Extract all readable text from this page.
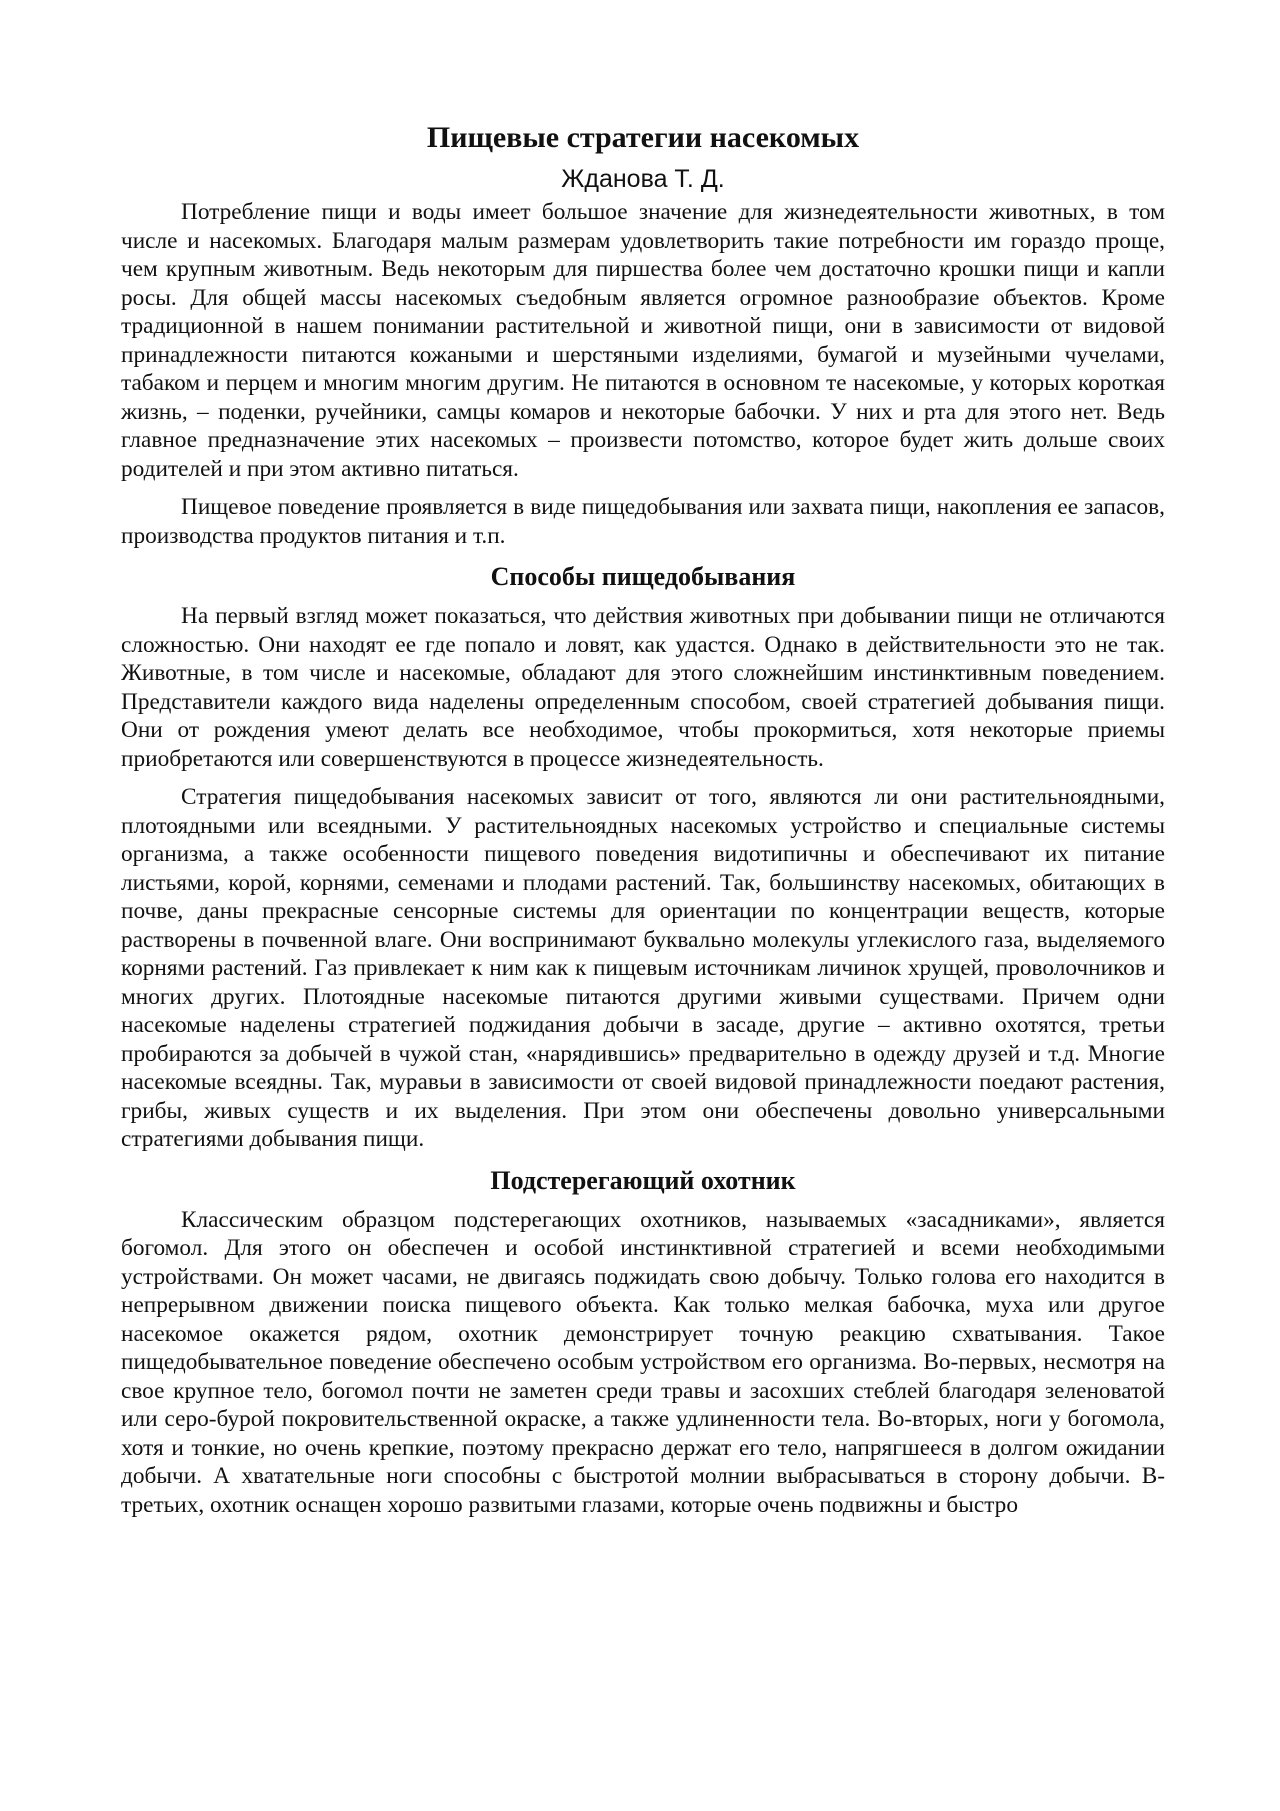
Пищевые стратегии насекомых
Жданова Т. Д.

Потребление пищи и воды имеет большое значение для жизнедеятельности животных, в том числе и насекомых. Благодаря малым размерам удовлетворить такие потребности им гораздо проще, чем крупным животным. Ведь некоторым для пиршества более чем достаточно крошки пищи и капли росы. Для общей массы насекомых съедобным является огромное разнообразие объектов. Кроме традиционной в нашем понимании растительной и животной пищи, они в зависимости от видовой принадлежности питаются кожаными и шерстяными изделиями, бумагой и музейными чучелами, табаком и перцем и многим многим другим. Не питаются в основном те насекомые, у которых короткая жизнь, – поденки, ручейники, самцы комаров и некоторые бабочки. У них и рта для этого нет. Ведь главное предназначение этих насекомых – произвести потомство, которое будет жить дольше своих родителей и при этом активно питаться.

Пищевое поведение проявляется в виде пищедобывания или захвата пищи, накопления ее запасов, производства продуктов питания и т.п.

Способы пищедобывания

На первый взгляд может показаться, что действия животных при добывании пищи не отличаются сложностью. Они находят ее где попало и ловят, как удастся. Однако в действительности это не так. Животные, в том числе и насекомые, обладают для этого сложнейшим инстинктивным поведением. Представители каждого вида наделены определенным способом, своей стратегией добывания пищи. Они от рождения умеют делать все необходимое, чтобы прокормиться, хотя некоторые приемы приобретаются или совершенствуются в процессе жизнедеятельность.

Стратегия пищедобывания насекомых зависит от того, являются ли они растительноядными, плотоядными или всеядными. У растительноядных насекомых устройство и специальные системы организма, а также особенности пищевого поведения видотипичны и обеспечивают их питание листьями, корой, корнями, семенами и плодами растений. Так, большинству насекомых, обитающих в почве, даны прекрасные сенсорные системы для ориентации по концентрации веществ, которые растворены в почвенной влаге. Они воспринимают буквально молекулы углекислого газа, выделяемого корнями растений. Газ привлекает к ним как к пищевым источникам личинок хрущей, проволочников и многих других. Плотоядные насекомые питаются другими живыми существами. Причем одни насекомые наделены стратегией поджидания добычи в засаде, другие – активно охотятся, третьи пробираются за добычей в чужой стан, «нарядившись» предварительно в одежду друзей и т.д. Многие насекомые всеядны. Так, муравьи в зависимости от своей видовой принадлежности поедают растения, грибы, живых существ и их выделения. При этом они обеспечены довольно универсальными стратегиями добывания пищи.

Подстерегающий охотник

Классическим образцом подстерегающих охотников, называемых «засадниками», является богомол. Для этого он обеспечен и особой инстинктивной стратегией и всеми необходимыми устройствами. Он может часами, не двигаясь поджидать свою добычу. Только голова его находится в непрерывном движении поиска пищевого объекта. Как только мелкая бабочка, муха или другое насекомое окажется рядом, охотник демонстрирует точную реакцию схватывания. Такое пищедобывательное поведение обеспечено особым устройством его организма. Во-первых, несмотря на свое крупное тело, богомол почти не заметен среди травы и засохших стеблей благодаря зеленоватой или серо-бурой покровительственной окраске, а также удлиненности тела. Во-вторых, ноги у богомола, хотя и тонкие, но очень крепкие, поэтому прекрасно держат его тело, напрягшееся в долгом ожидании добычи. А хватательные ноги способны с быстротой молнии выбрасываться в сторону добычи. В-третьих, охотник оснащен хорошо развитыми глазами, которые очень подвижны и быстро
